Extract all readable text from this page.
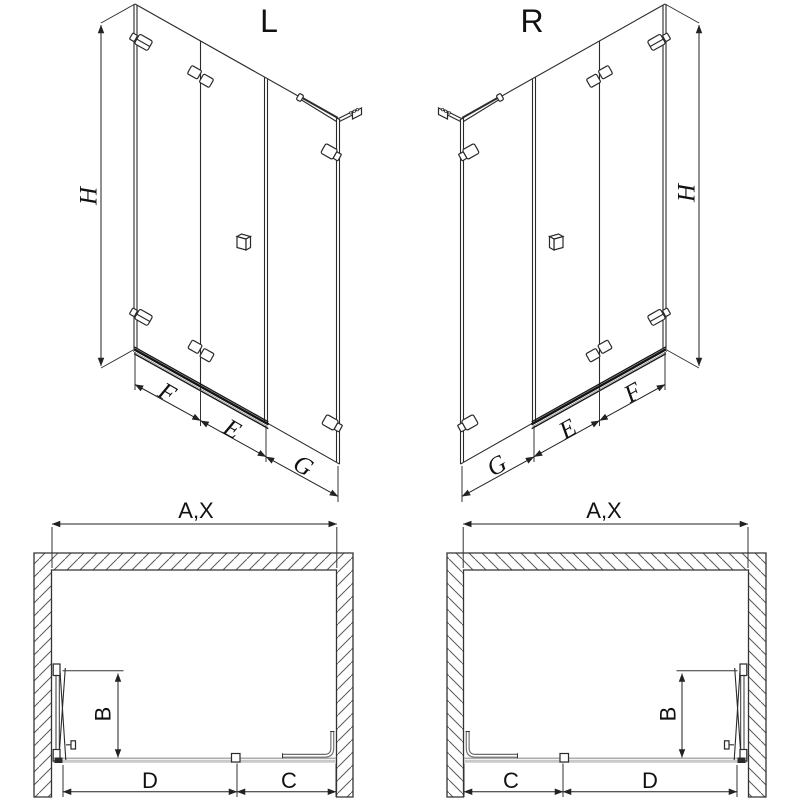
L	R
H	H
F
E
G
F
E
G
A,X	A,X
B	B
D	C	C	D
